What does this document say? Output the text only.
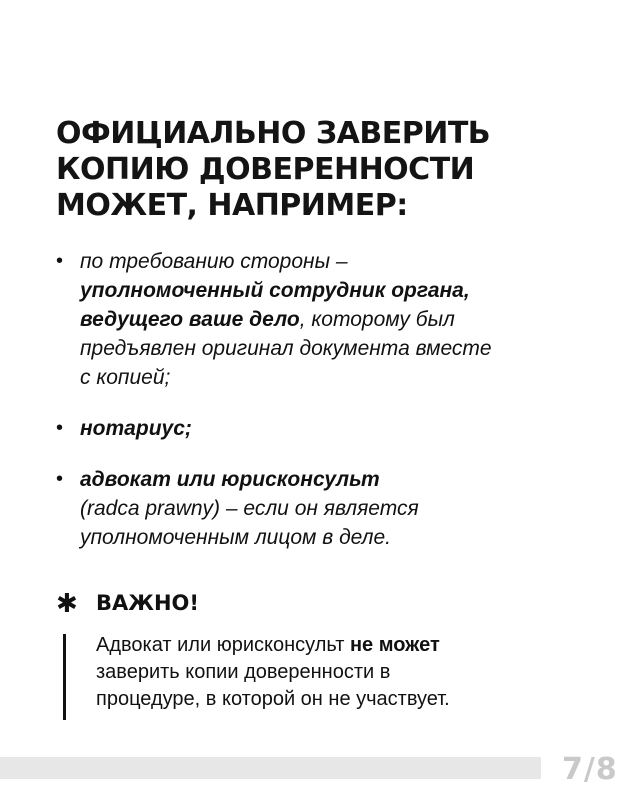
ОФИЦИАЛЬНО ЗАВЕРИТЬ
КОПИЮ ДОВЕРЕННОСТИ
МОЖЕТ, НАПРИМЕР:
• по требованию стороны –
уполномоченный сотрудник органа,
ведущего ваше дело, которому был
предъявлен оригинал документа вместе
с копией;
• нотариус;
• адвокат или юрисконсульт
(radca prawny) – если он является
уполномоченным лицом в деле.
✱ ВАЖНО!
Адвокат или юрисконсульт не может
заверить копии доверенности в
процедуре, в которой он не участвует.
7/8
